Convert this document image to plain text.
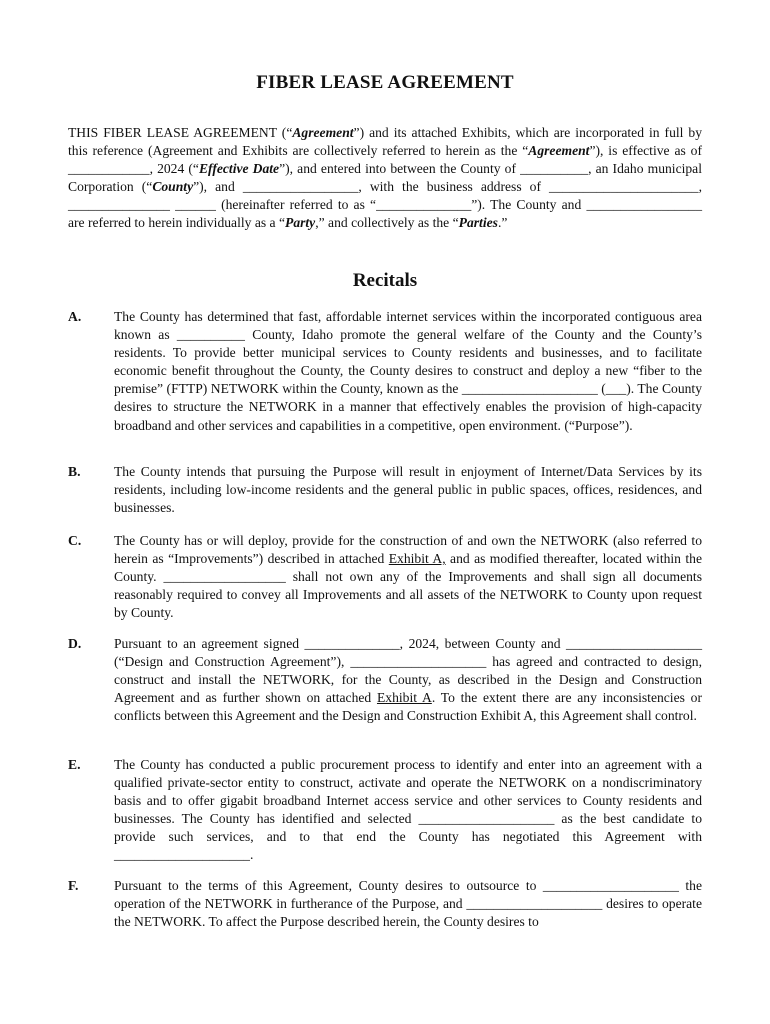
FIBER LEASE AGREEMENT

THIS FIBER LEASE AGREEMENT (“Agreement”) and its attached Exhibits, which are incorporated in full by this reference (Agreement and Exhibits are collectively referred to herein as the “Agreement”), is effective as of ____________, 2024 (“Effective Date”), and entered into between the County of __________, an Idaho municipal Corporation (“County”), and _________________, with the business address of ______________________, _______________ ______ (hereinafter referred to as “______________”). The County and _________________ are referred to herein individually as a “Party,” and collectively as the “Parties.”

Recitals
A. The County has determined that fast, affordable internet services within the incorporated contiguous area known as __________ County, Idaho promote the general welfare of the County and the County’s residents. To provide better municipal services to County residents and businesses, and to facilitate economic benefit throughout the County, the County desires to construct and deploy a new “fiber to the premise” (FTTP) NETWORK within the County, known as the ____________________ (___). The County desires to structure the NETWORK in a manner that effectively enables the provision of high-capacity broadband and other services and capabilities in a competitive, open environment. (“Purpose”).
B. The County intends that pursuing the Purpose will result in enjoyment of Internet/Data Services by its residents, including low-income residents and the general public in public spaces, offices, residences, and businesses.
C. The County has or will deploy, provide for the construction of and own the NETWORK (also referred to herein as “Improvements”) described in attached Exhibit A, and as modified thereafter, located within the County. __________________ shall not own any of the Improvements and shall sign all documents reasonably required to convey all Improvements and all assets of the NETWORK to County upon request by County.
D. Pursuant to an agreement signed ______________, 2024, between County and ____________________ (“Design and Construction Agreement”), ____________________ has agreed and contracted to design, construct and install the NETWORK, for the County, as described in the Design and Construction Agreement and as further shown on attached Exhibit A. To the extent there are any inconsistencies or conflicts between this Agreement and the Design and Construction Exhibit A, this Agreement shall control.
E. The County has conducted a public procurement process to identify and enter into an agreement with a qualified private-sector entity to construct, activate and operate the NETWORK on a nondiscriminatory basis and to offer gigabit broadband Internet access service and other services to County residents and businesses. The County has identified and selected ____________________ as the best candidate to provide such services, and to that end the County has negotiated this Agreement with ____________________.
F.	Pursuant to the terms of this Agreement, County desires to outsource to ____________________ the operation of the NETWORK in furtherance of the Purpose, and ____________________ desires to operate the NETWORK. To affect the Purpose described herein, the County desires to
